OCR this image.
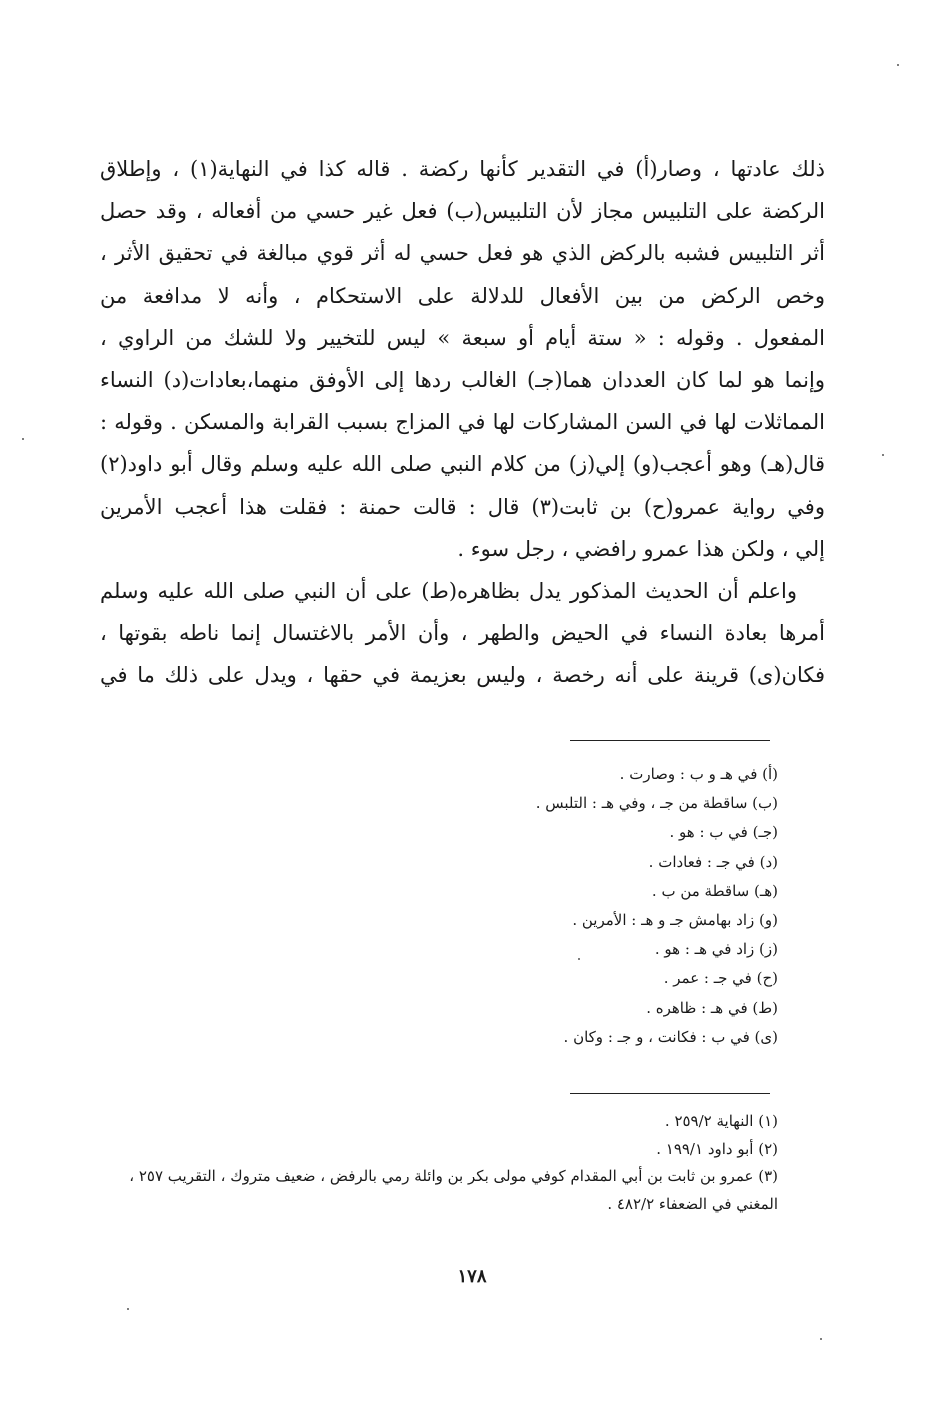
ذلك عادتها ، وصار(أ) في التقدير كأنها ركضة . قاله كذا في النهاية(١) ، وإطلاق
الركضة على التلبيس مجاز لأن التلبيس(ب) فعل غير حسي من أفعاله ، وقد حصل
أثر التلبيس فشبه بالركض الذي هو فعل حسي له أثر قوي مبالغة في تحقيق الأثر ،
وخص الركض من بين الأفعال للدلالة على الاستحكام ، وأنه لا مدافعة من
المفعول . وقوله : « ستة أيام أو سبعة » ليس للتخيير ولا للشك من الراوي ،
وإنما هو لما كان العددان هما(جـ) الغالب ردها إلى الأوفق منهما،بعادات(د) النساء
المماثلات لها في السن المشاركات لها في المزاج بسبب القرابة والمسكن . وقوله :
قال(هـ) وهو أعجب(و) إلي(ز) من كلام النبي صلى الله عليه وسلم وقال أبو داود(٢)
وفي رواية عمرو(ح) بن ثابت(٣) قال : قالت حمنة : فقلت هذا أعجب الأمرين
إلي ، ولكن هذا عمرو رافضي ، رجل سوء .
واعلم أن الحديث المذكور يدل بظاهره(ط) على أن النبي صلى الله عليه وسلم
أمرها بعادة النساء في الحيض والطهر ، وأن الأمر بالاغتسال إنما ناطه بقوتها ،
فكان(ى) قرينة على أنه رخصة ، وليس بعزيمة في حقها ، ويدل على ذلك ما في
(أ) في هـ و ب : وصارت .
(ب) ساقطة من جـ ، وفي هـ : التلبس .
(جـ) في ب : هو .
(د) في جـ : فعادات .
(هـ) ساقطة من ب .
(و) زاد بهامش جـ و هـ : الأمرين .
(ز) زاد في هـ : هو .
(ح) في جـ : عمر .
(ط) في هـ : ظاهره .
(ى) في ب : فكانت ، و جـ : وكان .
(١) النهاية ٢٥٩/٢ .
(٢) أبو داود ١٩٩/١ .
(٣) عمرو بن ثابت بن أبي المقدام كوفي مولى بكر بن وائلة رمي بالرفض ، ضعيف متروك ، التقريب ٢٥٧ ، المغني في الضعفاء ٤٨٢/٢ .
١٧٨
